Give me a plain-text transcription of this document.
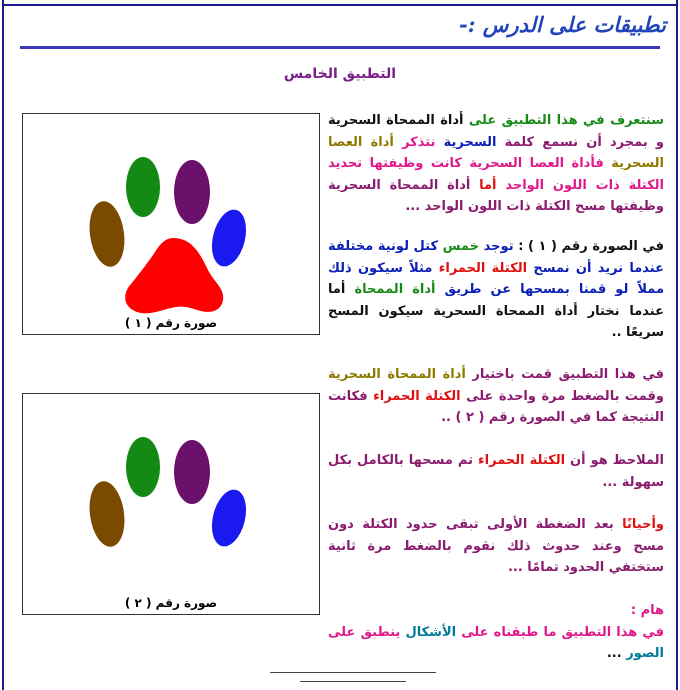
تطبيقات على الدرس :-
التطبيق الخامس
صورة رقم ( ١ )
صورة رقم ( ٢ )

سنتعرف في هذا التطبيق على أداة الممحاة السحرية و بمجرد أن نسمع كلمة السحرية نتذكر أداة العصا السحرية فأداة العصا السحرية كانت وظيفتها تحديد الكتلة ذات اللون الواحد أما أداة الممحاة السحرية وظيفتها مسح الكتلة ذات اللون الواحد ...

في الصورة رقم ( ١ ) : توجد خمس كتل لونية مختلفة عندما نريد أن نمسح الكتلة الحمراء مثلاً سيكون ذلك مملاً لو قمنا بمسحها عن طريق أداة الممحاة أما عندما نختار أداة الممحاة السحرية سيكون المسح سريعًا ..

في هذا التطبيق قمت باختيار أداة الممحاة السحرية وقمت بالضغط مرة واحدة على الكتلة الحمراء فكانت النتيجة كما في الصورة رقم ( ٢ ) ..

الملاحظ هو أن الكتلة الحمراء تم مسحها بالكامل بكل سهولة ...

وأحيانًا بعد الضغطة الأولى تبقى حدود الكتلة دون مسح وعند حدوث ذلك نقوم بالضغط مرة ثانية ستختفي الحدود تمامًا ...

هام :
في هذا التطبيق ما طبقناه على الأشكال ينطبق على الصور ...
